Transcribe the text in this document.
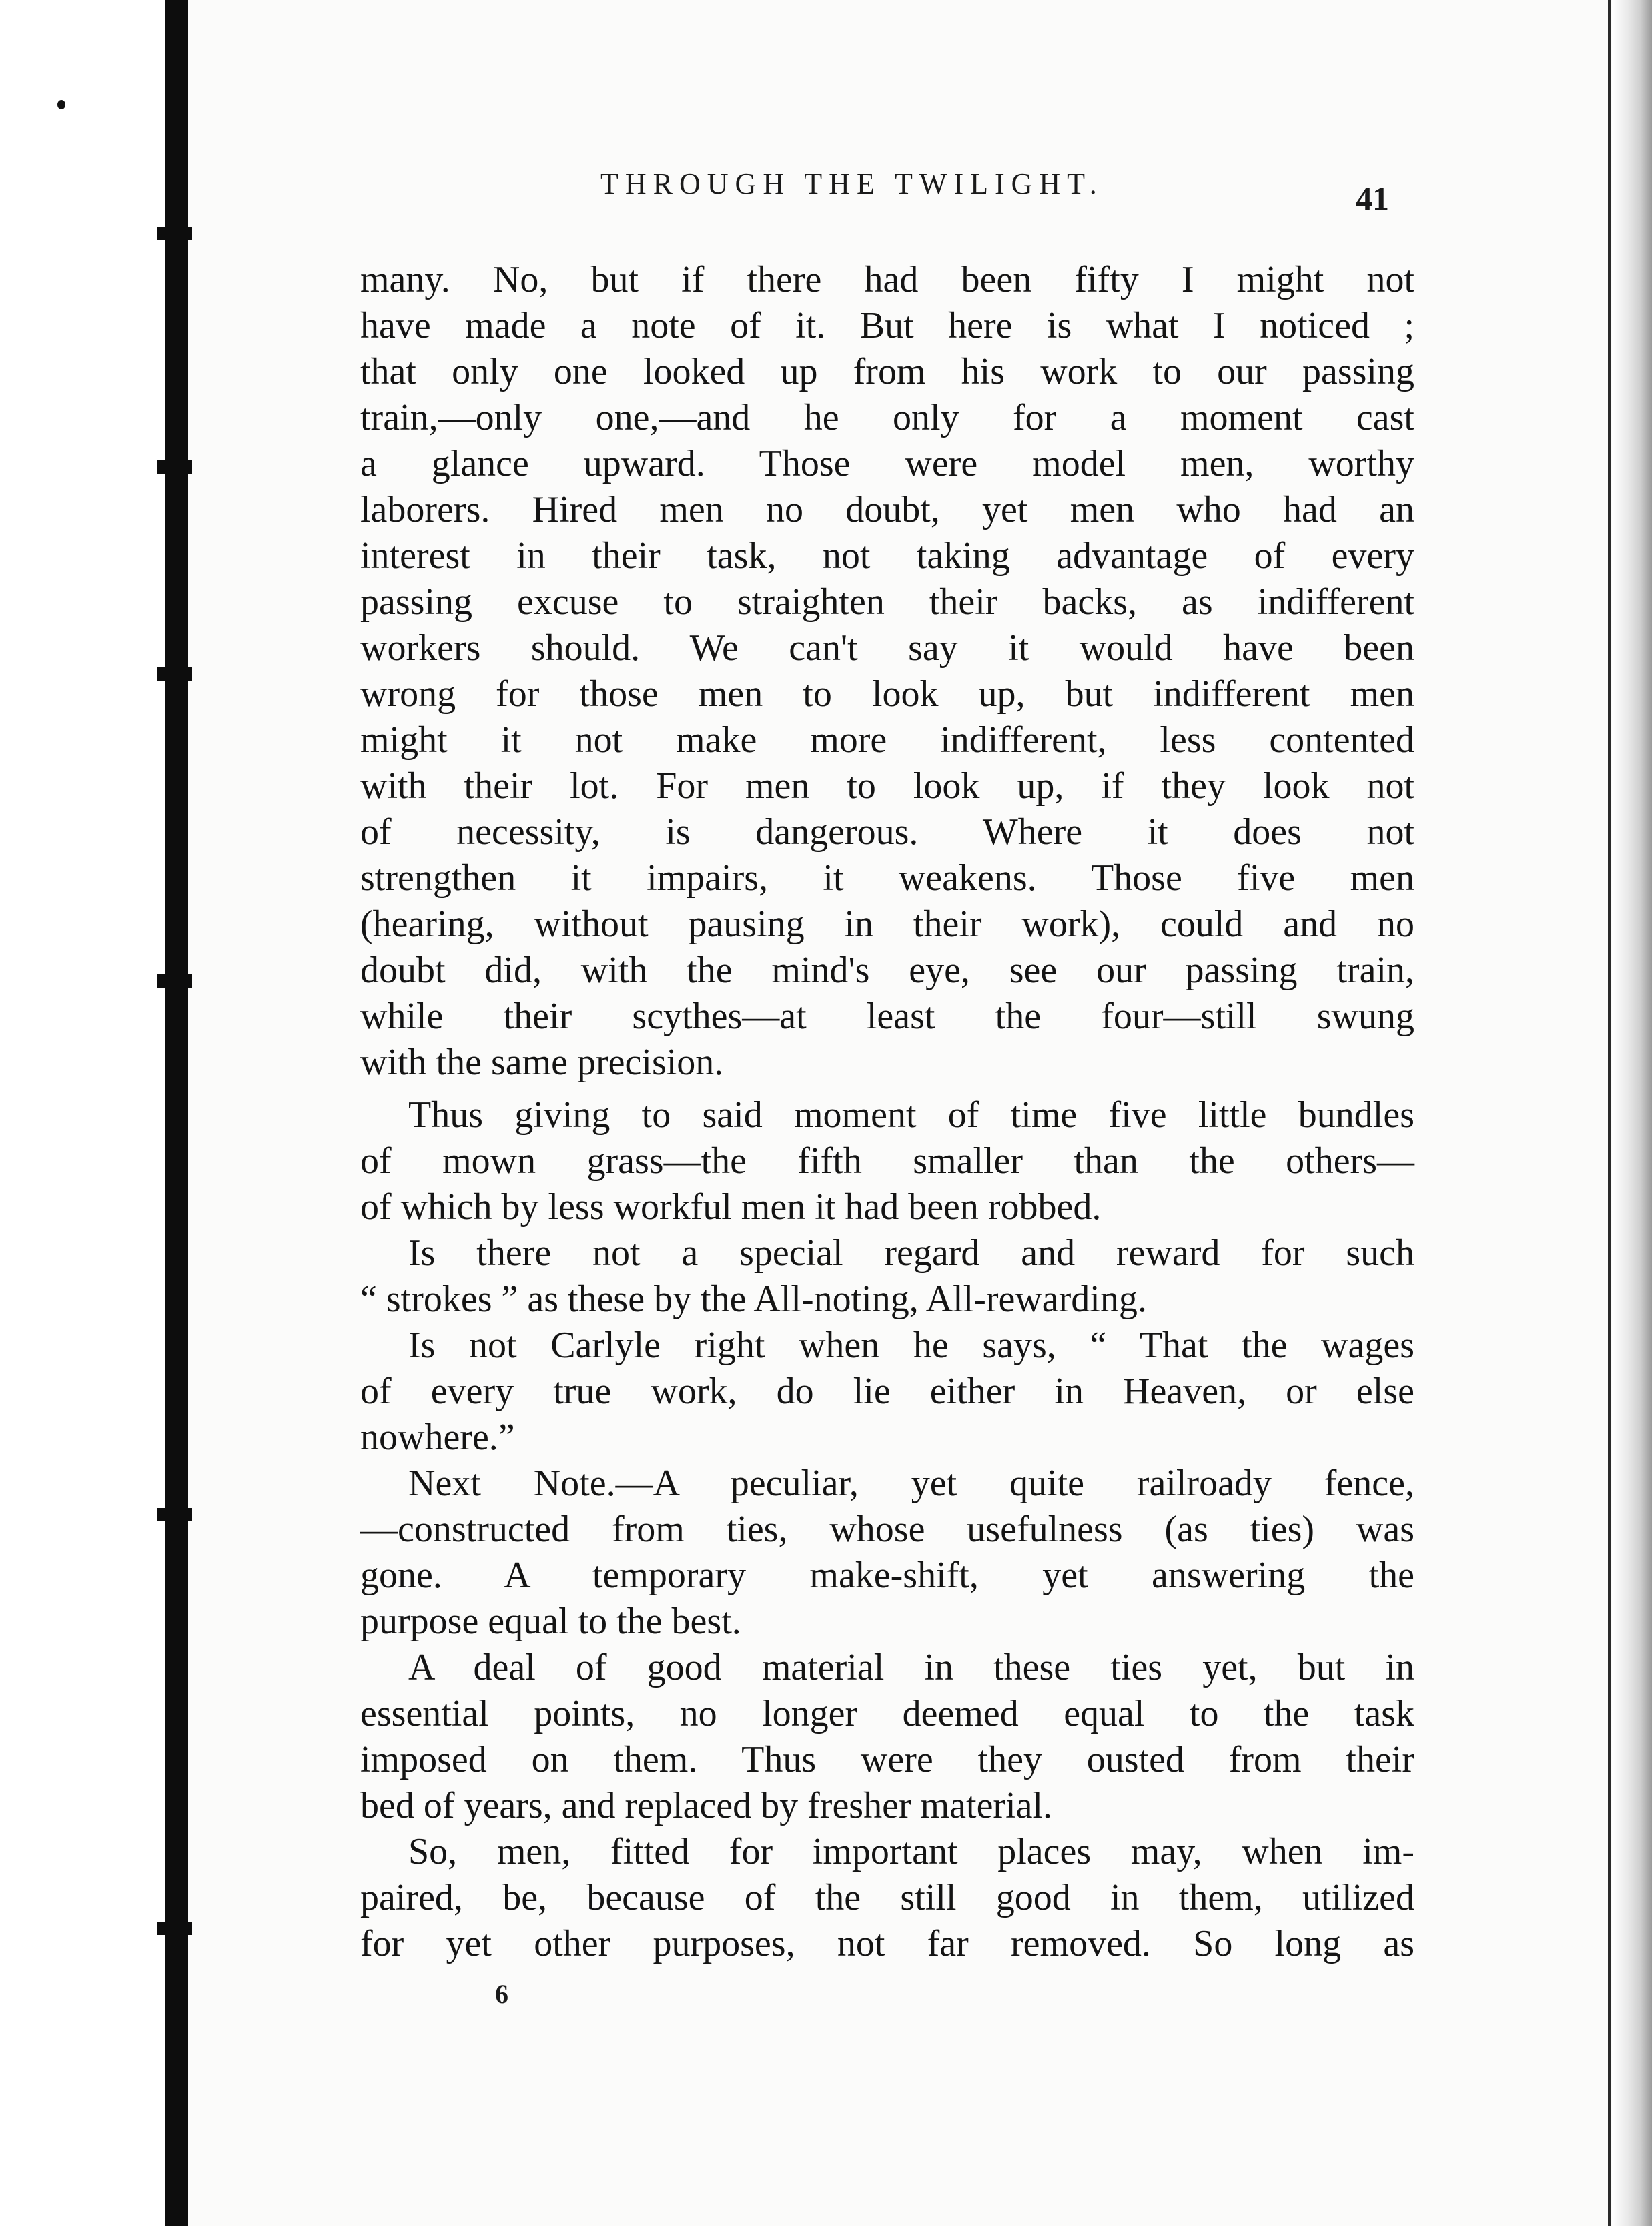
THROUGH THE TWILIGHT.	41
many. No, but if there had been fifty I might not
have made a note of it. But here is what I noticed ;
that only one looked up from his work to our passing
train,—only one,—and he only for a moment cast
a glance upward. Those were model men, worthy
laborers. Hired men no doubt, yet men who had an
interest in their task, not taking advantage of every
passing excuse to straighten their backs, as indifferent
workers should. We can't say it would have been
wrong for those men to look up, but indifferent men
might it not make more indifferent, less contented
with their lot. For men to look up, if they look not
of necessity, is dangerous. Where it does not
strengthen it impairs, it weakens. Those five men
(hearing, without pausing in their work), could and no
doubt did, with the mind's eye, see our passing train,
while their scythes—at least the four—still swung
with the same precision.
Thus giving to said moment of time five little bundles
of mown grass—the fifth smaller than the others—
of which by less workful men it had been robbed.
Is there not a special regard and reward for such
“ strokes ” as these by the All-noting, All-rewarding.
Is not Carlyle right when he says, “ That the wages
of every true work, do lie either in Heaven, or else
nowhere.”
Next Note.—A peculiar, yet quite railroady fence,
—constructed from ties, whose usefulness (as ties) was
gone. A temporary make-shift, yet answering the
purpose equal to the best.
A deal of good material in these ties yet, but in
essential points, no longer deemed equal to the task
imposed on them. Thus were they ousted from their
bed of years, and replaced by fresher material.
So, men, fitted for important places may, when im-
paired, be, because of the still good in them, utilized
for yet other purposes, not far removed. So long as
6
